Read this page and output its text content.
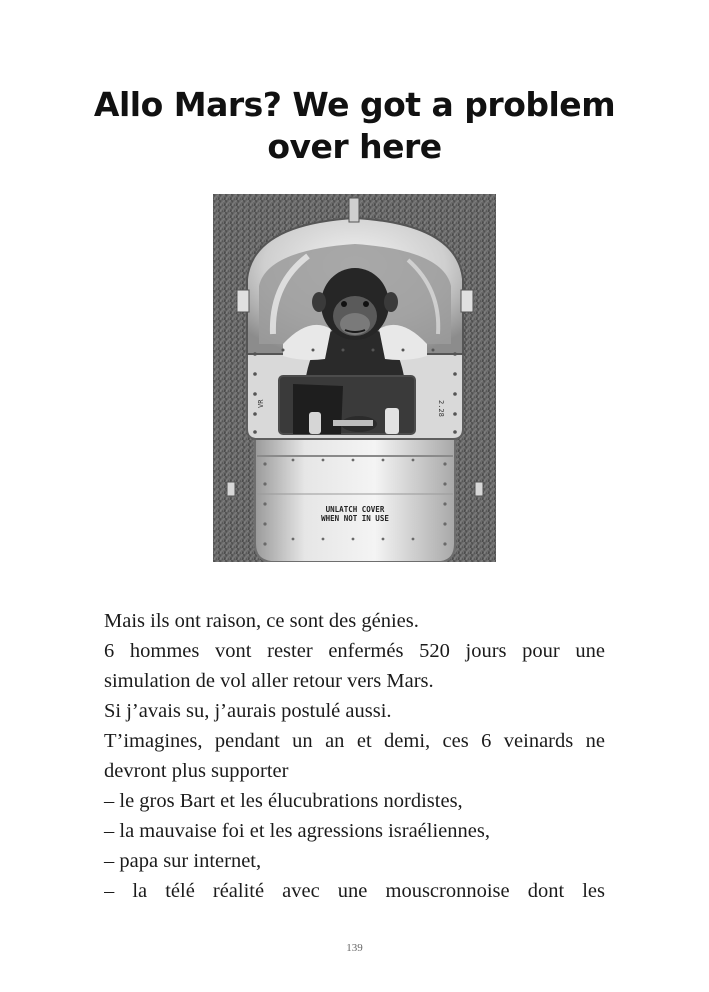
Allo Mars? We got a problem
over here
UNLATCH COVER
WHEN NOT IN USE
VR	2.28
Mais ils ont raison, ce sont des génies.
6 hommes vont rester enfermés 520 jours pour une
simulation de vol aller retour vers Mars.
Si j’avais su, j’aurais postulé aussi.
T’imagines, pendant un an et demi, ces 6 veinards ne
devront plus supporter
– le gros Bart et les élucubrations nordistes,
– la mauvaise foi et les agressions israéliennes,
– papa sur internet,
– la télé réalité avec une mouscronnoise dont les
139
